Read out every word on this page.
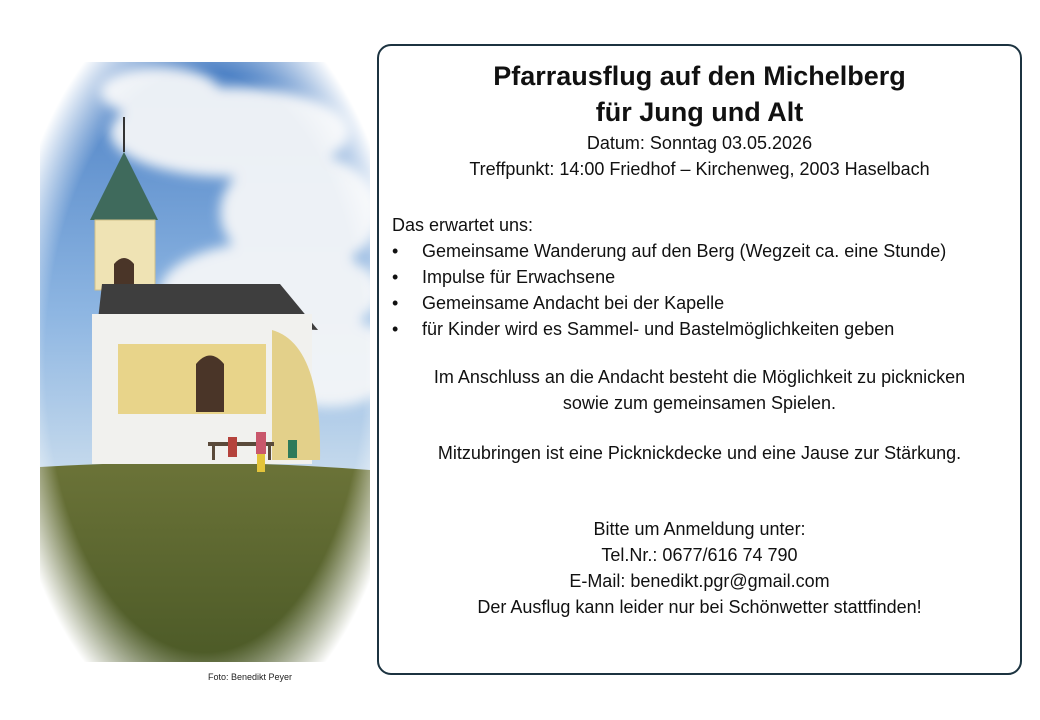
Foto: Benedikt Peyer
Pfarrausflug auf den Michelberg
für Jung und Alt
Datum: Sonntag 03.05.2026
Treffpunkt: 14:00 Friedhof – Kirchenweg, 2003 Haselbach
Das erwartet uns:
• Gemeinsame Wanderung auf den Berg (Wegzeit ca. eine Stunde)
• Impulse für Erwachsene
• Gemeinsame Andacht bei der Kapelle
• für Kinder wird es Sammel- und Bastelmöglichkeiten geben
Im Anschluss an die Andacht besteht die Möglichkeit zu picknicken
sowie zum gemeinsamen Spielen.
Mitzubringen ist eine Picknickdecke und eine Jause zur Stärkung.
Bitte um Anmeldung unter:
Tel.Nr.: 0677/616 74 790
E-Mail: benedikt.pgr@gmail.com
Der Ausflug kann leider nur bei Schönwetter stattfinden!
